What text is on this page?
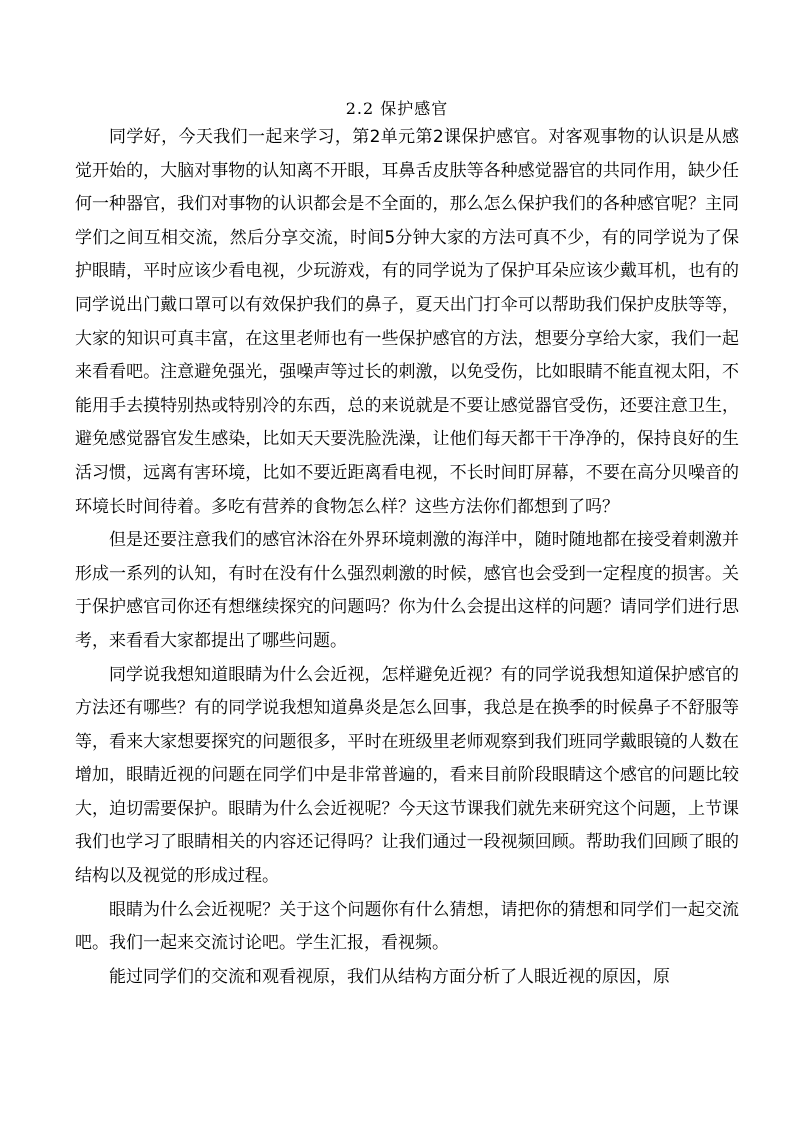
2.2 保护感官

同学好，今天我们一起来学习，第2单元第2课保护感官。对客观事物的认识是从感觉开始的，大脑对事物的认知离不开眼，耳鼻舌皮肤等各种感觉器官的共同作用，缺少任何一种器官，我们对事物的认识都会是不全面的，那么怎么保护我们的各种感官呢？主同学们之间互相交流，然后分享交流，时间5分钟大家的方法可真不少，有的同学说为了保护眼睛，平时应该少看电视，少玩游戏，有的同学说为了保护耳朵应该少戴耳机，也有的同学说出门戴口罩可以有效保护我们的鼻子，夏天出门打伞可以帮助我们保护皮肤等等，大家的知识可真丰富，在这里老师也有一些保护感官的方法，想要分享给大家，我们一起来看看吧。注意避免强光，强噪声等过长的刺激，以免受伤，比如眼睛不能直视太阳，不能用手去摸特别热或特别冷的东西，总的来说就是不要让感觉器官受伤，还要注意卫生，避免感觉器官发生感染，比如天天要洗脸洗澡，让他们每天都干干净净的，保持良好的生活习惯，远离有害环境，比如不要近距离看电视，不长时间盯屏幕，不要在高分贝噪音的环境长时间待着。多吃有营养的食物怎么样？这些方法你们都想到了吗？

但是还要注意我们的感官沐浴在外界环境刺激的海洋中，随时随地都在接受着刺激并形成一系列的认知，有时在没有什么强烈刺激的时候，感官也会受到一定程度的损害。关于保护感官司你还有想继续探究的问题吗？你为什么会提出这样的问题？请同学们进行思考，来看看大家都提出了哪些问题。

同学说我想知道眼睛为什么会近视，怎样避免近视？有的同学说我想知道保护感官的方法还有哪些？有的同学说我想知道鼻炎是怎么回事，我总是在换季的时候鼻子不舒服等等，看来大家想要探究的问题很多，平时在班级里老师观察到我们班同学戴眼镜的人数在增加，眼睛近视的问题在同学们中是非常普遍的，看来目前阶段眼睛这个感官的问题比较大，迫切需要保护。眼睛为什么会近视呢？今天这节课我们就先来研究这个问题，上节课我们也学习了眼睛相关的内容还记得吗？让我们通过一段视频回顾。帮助我们回顾了眼的结构以及视觉的形成过程。

眼睛为什么会近视呢？关于这个问题你有什么猜想，请把你的猜想和同学们一起交流吧。我们一起来交流讨论吧。学生汇报，看视频。

能过同学们的交流和观看视原，我们从结构方面分析了人眼近视的原因，原
